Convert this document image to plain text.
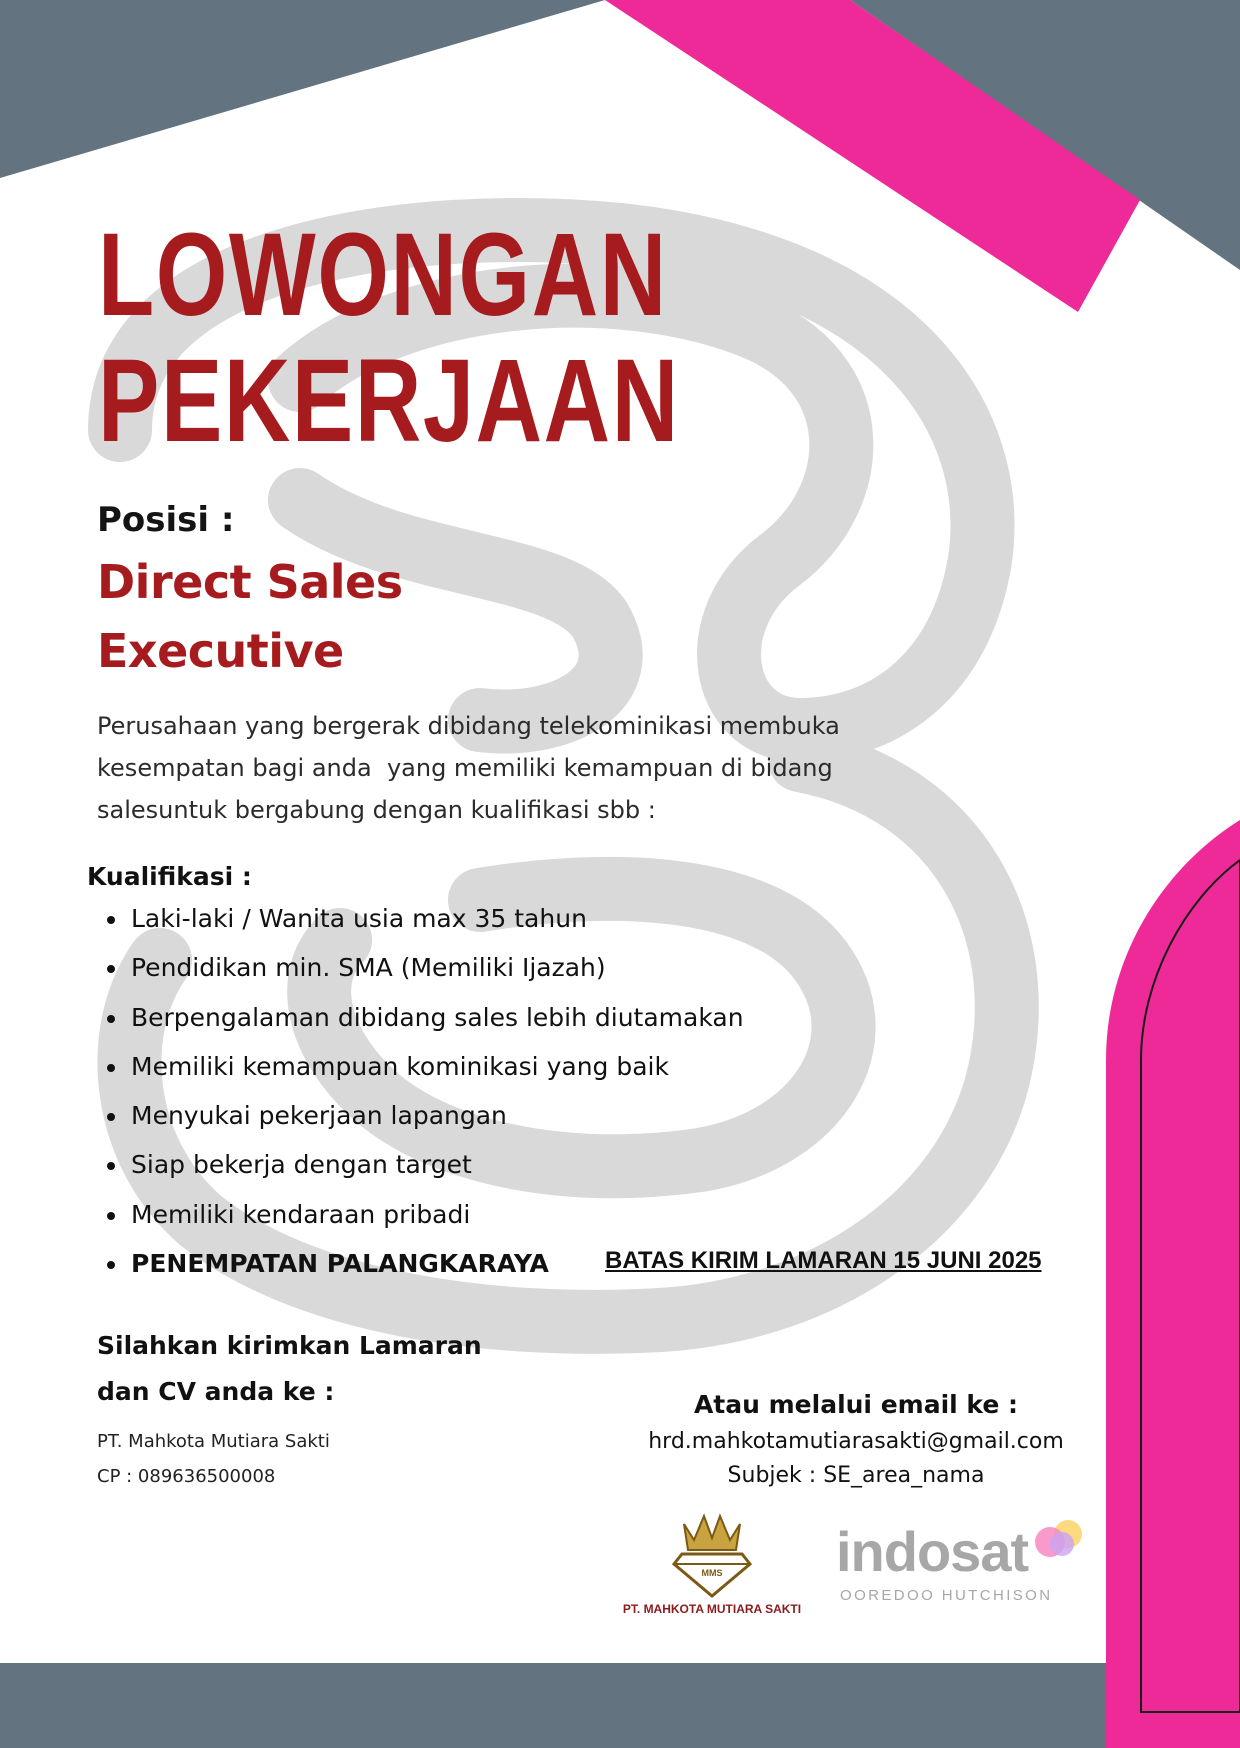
LOWONGAN
PEKERJAAN

Posisi :

Direct Sales

Executive

Perusahaan yang bergerak dibidang telekominikasi membuka
kesempatan bagi anda  yang memiliki kemampuan di bidang
salesuntuk bergabung dengan kualifikasi sbb :

Kualifikasi :

Laki-laki / Wanita usia max 35 tahun
Pendidikan min. SMA (Memiliki Ijazah)
Berpengalaman dibidang sales lebih diutamakan
Memiliki kemampuan kominikasi yang baik
Menyukai pekerjaan lapangan
Siap bekerja dengan target
Memiliki kendaraan pribadi
PENEMPATAN PALANGKARAYA	BATAS KIRIM LAMARAN 15 JUNI 2025

Silahkan kirimkan Lamaran
dan CV anda ke :

PT. Mahkota Mutiara Sakti
CP : 089636500008

Atau melalui email ke :
hrd.mahkotamutiarasakti@gmail.com
Subjek : SE_area_nama
MMS
PT. MAHKOTA MUTIARA SAKTI
indosat
OOREDOO HUTCHISON
